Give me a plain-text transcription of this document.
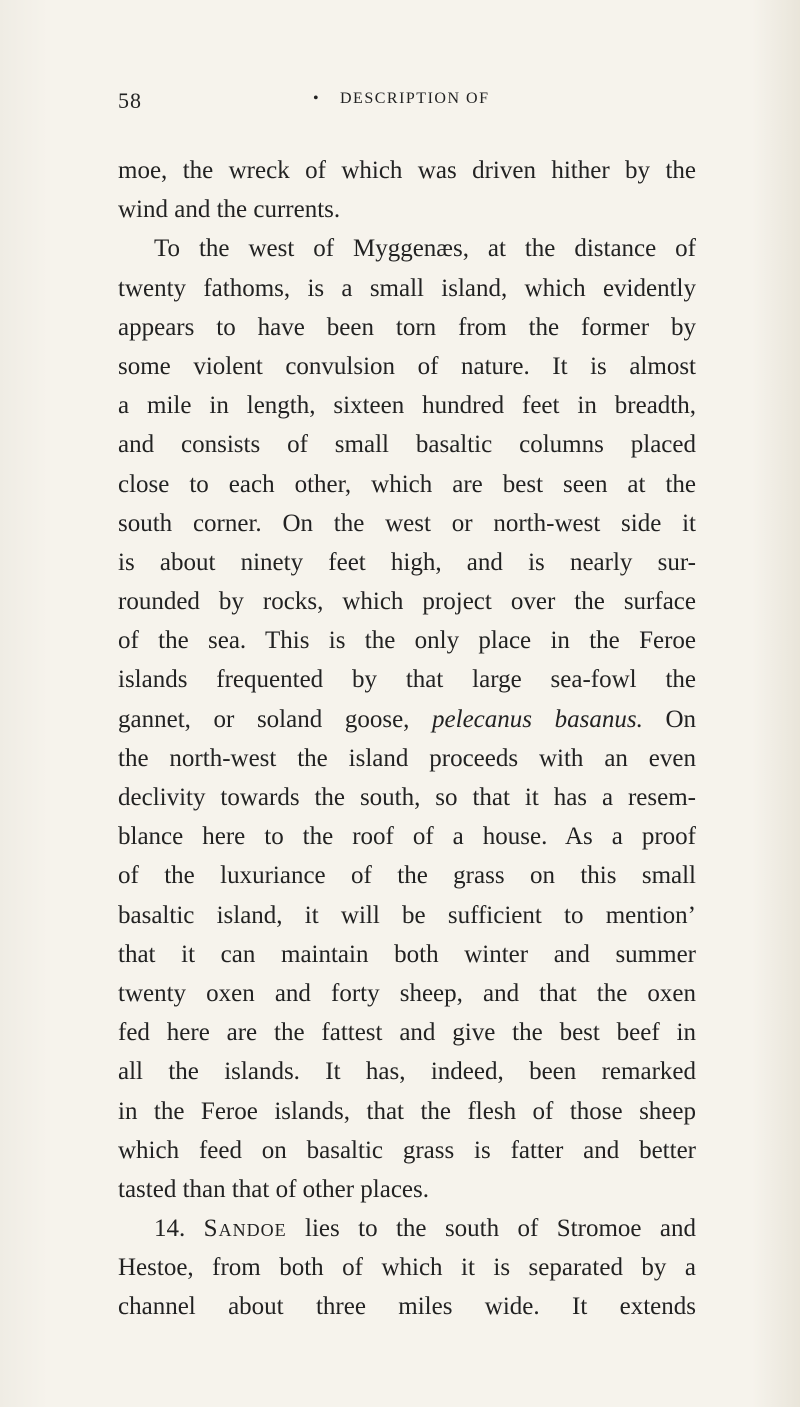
58	• DESCRIPTION OF
moe, the wreck of which was driven hither by the
wind and the currents.
To the west of Myggenæs, at the distance of
twenty fathoms, is a small island, which evidently
appears to have been torn from the former by
some violent convulsion of nature. It is almost
a mile in length, sixteen hundred feet in breadth,
and consists of small basaltic columns placed
close to each other, which are best seen at the
south corner. On the west or north-west side it
is about ninety feet high, and is nearly sur-
rounded by rocks, which project over the surface
of the sea. This is the only place in the Feroe
islands frequented by that large sea-fowl the
gannet, or soland goose, pelecanus basanus. On
the north-west the island proceeds with an even
declivity towards the south, so that it has a resem-
blance here to the roof of a house. As a proof
of the luxuriance of the grass on this small
basaltic island, it will be sufficient to mention’
that it can maintain both winter and summer
twenty oxen and forty sheep, and that the oxen
fed here are the fattest and give the best beef in
all the islands. It has, indeed, been remarked
in the Feroe islands, that the flesh of those sheep
which feed on basaltic grass is fatter and better
tasted than that of other places.
14. Sandoe lies to the south of Stromoe and
Hestoe, from both of which it is separated by a
channel about three miles wide. It extends
